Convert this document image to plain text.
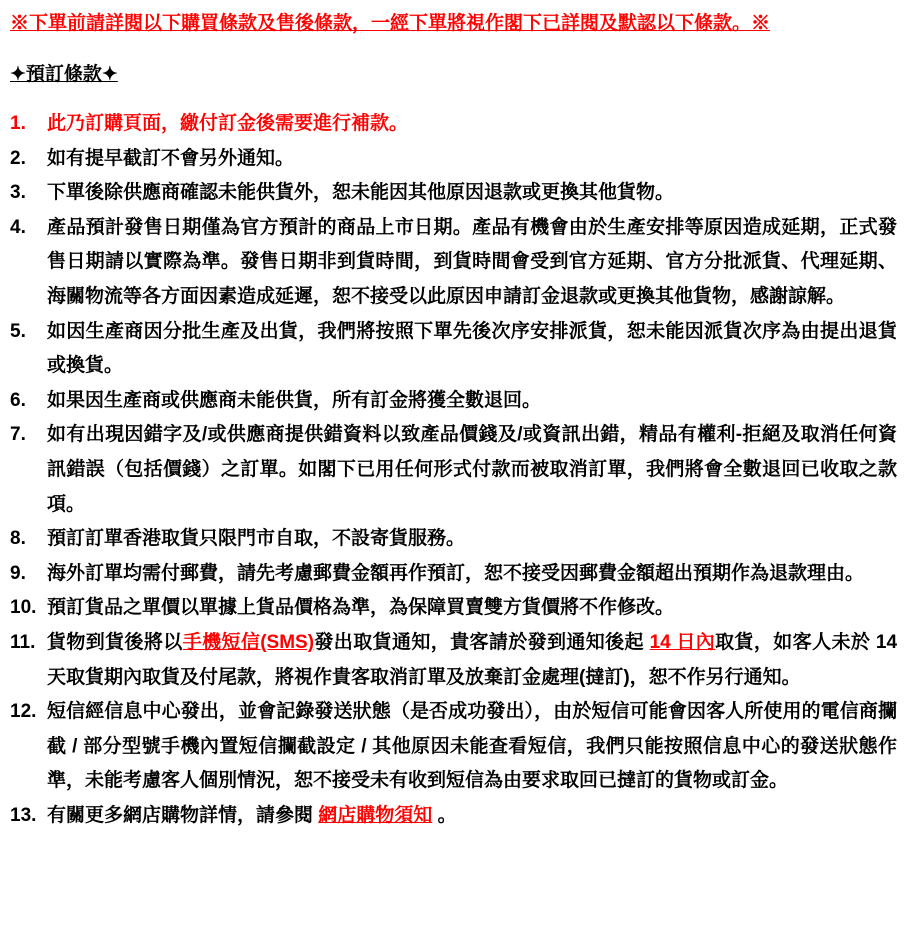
※下單前請詳閱以下購買條款及售後條款，一經下單將視作閣下已詳閱及默認以下條款。※
✦預訂條款✦
1.	此乃訂購頁面，繳付訂金後需要進行補款。
2.	如有提早截訂不會另外通知。
3.	下單後除供應商確認未能供貨外，恕未能因其他原因退款或更換其他貨物。
4.	產品預計發售日期僅為官方預計的商品上市日期。產品有機會由於生產安排等原因造成延期，正式發售日期請以實際為準。發售日期非到貨時間，到貨時間會受到官方延期、官方分批派貨、代理延期、海關物流等各方面因素造成延遲，恕不接受以此原因申請訂金退款或更換其他貨物，感謝諒解。
5.	如因生產商因分批生產及出貨，我們將按照下單先後次序安排派貨，恕未能因派貨次序為由提出退貨或換貨。
6.	如果因生產商或供應商未能供貨，所有訂金將獲全數退回。
7.	如有出現因錯字及/或供應商提供錯資料以致產品價錢及/或資訊出錯，精品有權利-拒絕及取消任何資訊錯誤（包括價錢）之訂單。如閣下已用任何形式付款而被取消訂單，我們將會全數退回已收取之款項。
8.	預訂訂單香港取貨只限門市自取，不設寄貨服務。
9.	海外訂單均需付郵費，請先考慮郵費金額再作預訂，恕不接受因郵費金額超出預期作為退款理由。
10. 預訂貨品之單價以單據上貨品價格為準，為保障買賣雙方貨價將不作修改。
11. 貨物到貨後將以手機短信(SMS)發出取貨通知，貴客請於發到通知後起 14 日內取貨，如客人未於 14 天取貨期內取貨及付尾款，將視作貴客取消訂單及放棄訂金處理(撻訂)，恕不作另行通知。
12. 短信經信息中心發出，並會記錄發送狀態（是否成功發出），由於短信可能會因客人所使用的電信商攔截 / 部分型號手機內置短信攔截設定 / 其他原因未能查看短信，我們只能按照信息中心的發送狀態作準，未能考慮客人個別情況，恕不接受未有收到短信為由要求取回已撻訂的貨物或訂金。
13. 有關更多網店購物詳情，請參閱 網店購物須知 。
